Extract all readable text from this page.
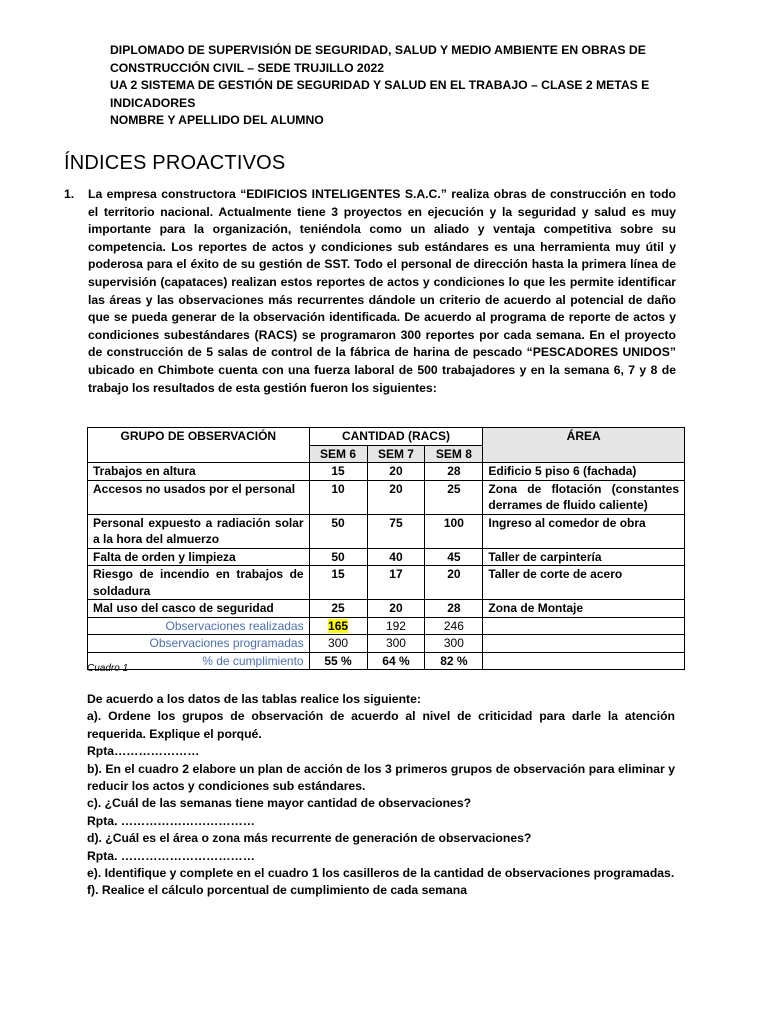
DIPLOMADO DE SUPERVISIÓN DE SEGURIDAD, SALUD Y MEDIO AMBIENTE EN OBRAS DE
CONSTRUCCIÓN CIVIL – SEDE TRUJILLO 2022
UA 2 SISTEMA DE GESTIÓN DE SEGURIDAD Y SALUD EN EL TRABAJO – CLASE 2 METAS E
INDICADORES
NOMBRE Y APELLIDO DEL ALUMNO
ÍNDICES PROACTIVOS
1. La empresa constructora “EDIFICIOS INTELIGENTES S.A.C.” realiza obras de construcción en todo el territorio nacional. Actualmente tiene 3 proyectos en ejecución y la seguridad y salud es muy importante para la organización, teniéndola como un aliado y ventaja competitiva sobre su competencia. Los reportes de actos y condiciones sub estándares es una herramienta muy útil y poderosa para el éxito de su gestión de SST. Todo el personal de dirección hasta la primera línea de supervisión (capataces) realizan estos reportes de actos y condiciones lo que les permite identificar las áreas y las observaciones más recurrentes dándole un criterio de acuerdo al potencial de daño que se pueda generar de la observación identificada. De acuerdo al programa de reporte de actos y condiciones subestándares (RACS) se programaron 300 reportes por cada semana. En el proyecto de construcción de 5 salas de control de la fábrica de harina de pescado “PESCADORES UNIDOS” ubicado en Chimbote cuenta con una fuerza laboral de 500 trabajadores y en la semana 6, 7 y 8 de trabajo los resultados de esta gestión fueron los siguientes:
GRUPO DE OBSERVACIÓN	CANTIDAD (RACS)			ÁREA
	SEM 6	SEM 7	SEM 8	
Trabajos en altura	15	20	28	Edificio 5 piso 6 (fachada)
Accesos no usados por el personal	10	20	25	Zona de flotación (constantes derrames de fluido caliente)
Personal expuesto a radiación solar a la hora del almuerzo	50	75	100	Ingreso al comedor de obra
Falta de orden y limpieza	50	40	45	Taller de carpintería
Riesgo de incendio en trabajos de soldadura	15	17	20	Taller de corte de acero
Mal uso del casco de seguridad	25	20	28	Zona de Montaje
Observaciones realizadas	165	192	246	
Observaciones programadas	300	300	300	
% de cumplimiento	55 %	64 %	82 %	
Cuadro 1
De acuerdo a los datos de las tablas realice los siguiente:
a). Ordene los grupos de observación de acuerdo al nivel de criticidad para darle la atención requerida. Explique el porqué.
Rpta…………………
b). En el cuadro 2 elabore un plan de acción de los 3 primeros grupos de observación para eliminar y reducir los actos y condiciones sub estándares.
c). ¿Cuál de las semanas tiene mayor cantidad de observaciones?
Rpta. ……………………………
d). ¿Cuál es el área o zona más recurrente de generación de observaciones?
Rpta. ……………………………
e). Identifique y complete en el cuadro 1 los casilleros de la cantidad de observaciones programadas.
f). Realice el cálculo porcentual de cumplimiento de cada semana
